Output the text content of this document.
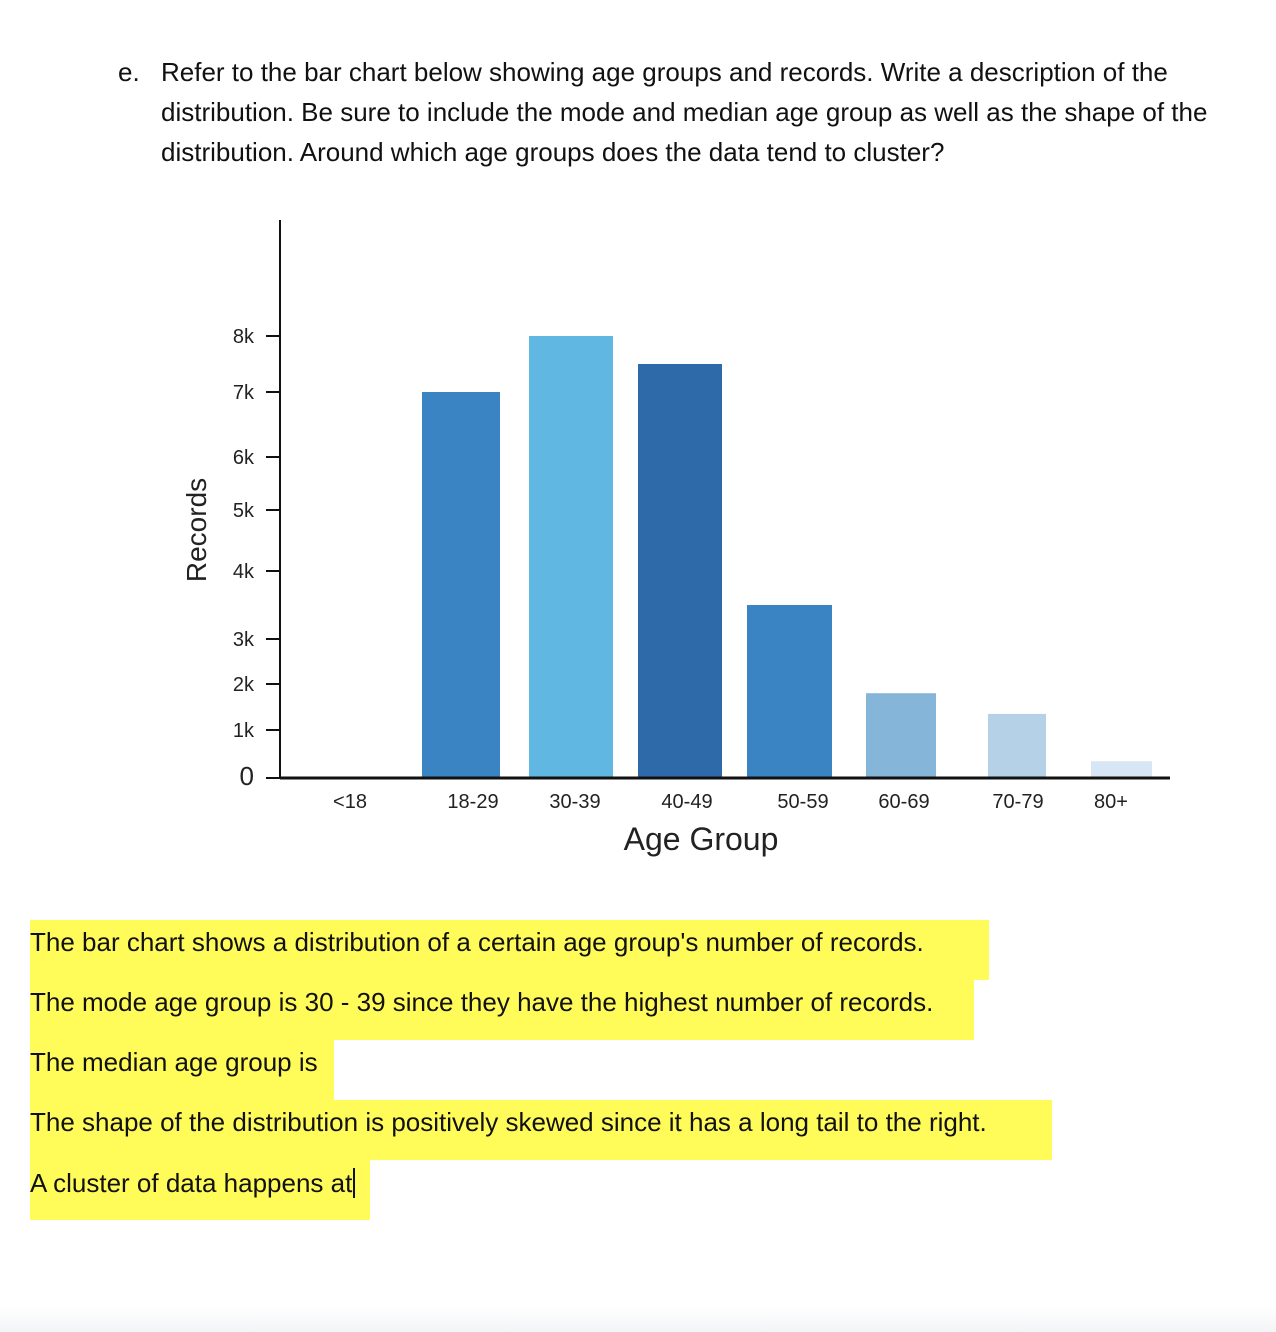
e. Refer to the bar chart below showing age groups and records. Write a description of the distribution. Be sure to include the mode and median age group as well as the shape of the distribution. Around which age groups does the data tend to cluster?
0
1k
2k
3k
4k
5k
6k
7k
8k
<18	18-29	30-39	40-49	50-59 60-69	70-79	80+
Records
Age Group
The bar chart shows a distribution of a certain age group's number of records.
The mode age group is 30 - 39 since they have the highest number of records.
The median age group is
The shape of the distribution is positively skewed since it has a long tail to the right.
A cluster of data happens at
